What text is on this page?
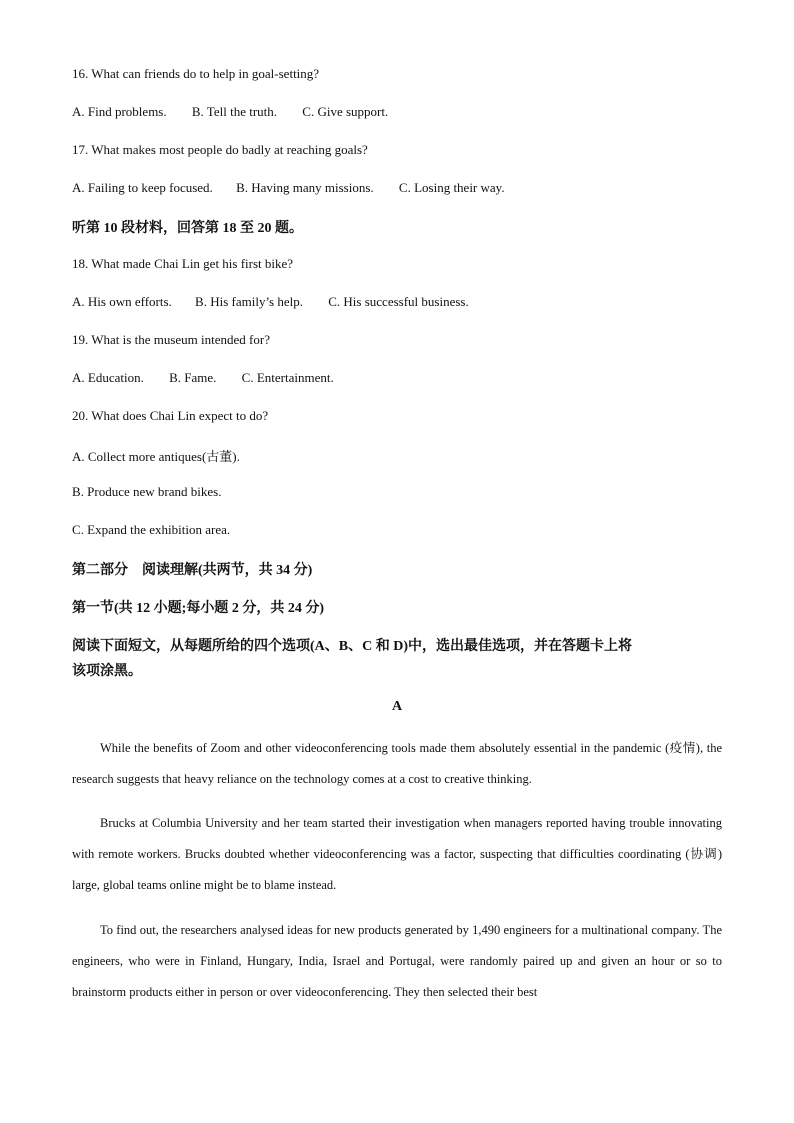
16. What can friends do to help in goal-setting?
A. Find problems. B. Tell the truth. C. Give support.
17. What makes most people do badly at reaching goals?
A. Failing to keep focused. B. Having many missions. C. Losing their way.
听第 10 段材料，回答第 18 至 20 题。
18. What made Chai Lin get his first bike?
A. His own efforts. B. His family’s help. C. His successful business.
19. What is the museum intended for?
A. Education. B. Fame. C. Entertainment.
20. What does Chai Lin expect to do?
A. Collect more antiques(古董).
B. Produce new brand bikes.
C. Expand the exhibition area.
第二部分　阅读理解(共两节，共 34 分)
第一节(共 12 小题;每小题 2 分，共 24 分)
阅读下面短文，从每题所给的四个选项(A、B、C 和 D)中，选出最佳选项，并在答题卡上将
该项涂黑。
A

While the benefits of Zoom and other videoconferencing tools made them absolutely essential in the pandemic (疫情), the research suggests that heavy reliance on the technology comes at a cost to creative thinking.

Brucks at Columbia University and her team started their investigation when managers reported having trouble innovating with remote workers. Brucks doubted whether videoconferencing was a factor, suspecting that difficulties coordinating (协调) large, global teams online might be to blame instead.

To find out, the researchers analysed ideas for new products generated by 1,490 engineers for a multinational company. The engineers, who were in Finland, Hungary, India, Israel and Portugal, were randomly paired up and given an hour or so to brainstorm products either in person or over videoconferencing. They then selected their best
